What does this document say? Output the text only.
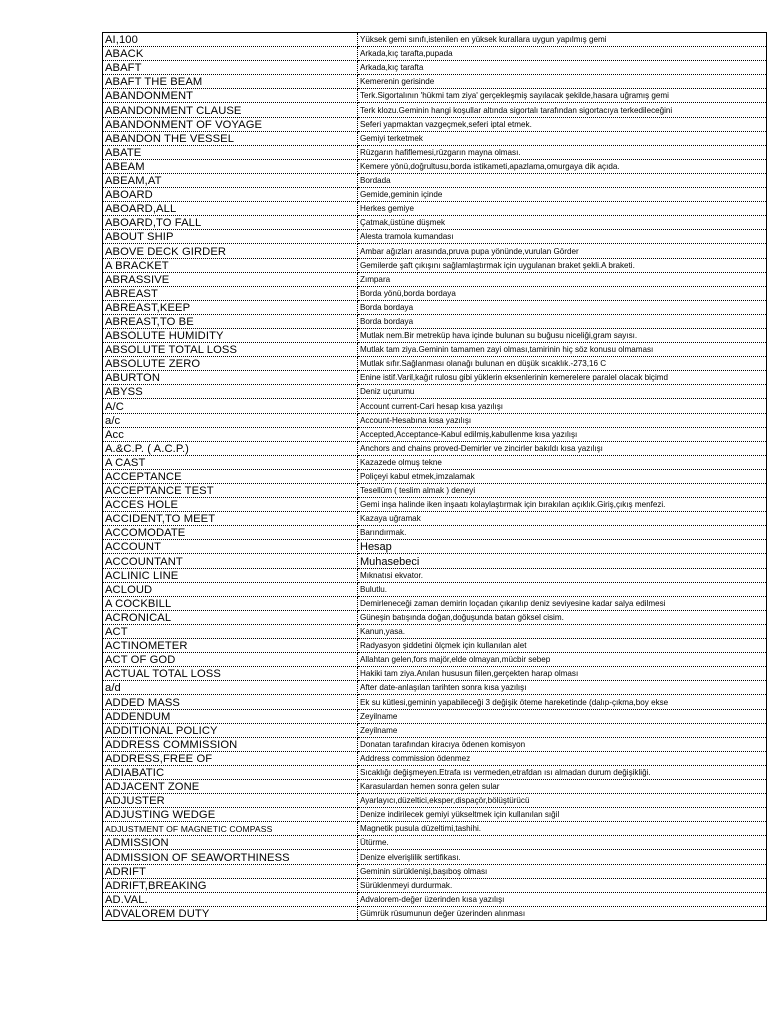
AI,100	Yüksek gemi sınıfı,istenilen en yüksek kurallara uygun yapılmış gemi
ABACK	Arkada,kıç tarafta,pupada
ABAFT	Arkada,kıç tarafta
ABAFT THE BEAM	Kemerenin gerisinde
ABANDONMENT	Terk.Sigortalının 'hükmi tam ziya' gerçekleşmiş sayılacak şekilde,hasara uğramış gemi
ABANDONMENT CLAUSE	Terk klozu.Geminin hangi koşullar altında sigortalı tarafından sigortacıya terkedileceğini
ABANDONMENT OF VOYAGE	Seferi yapmaktan vazgeçmek,seferi iptal etmek.
ABANDON THE VESSEL	Gemiyi terketmek
ABATE	Rüzgarın hafiflemesi,rüzgarın mayna olması.
ABEAM	Kemere yönü,doğrultusu,borda istikameti,apazlama,omurgaya dik açıda.
ABEAM,AT	Bordada
ABOARD	Gemide,geminin içinde
ABOARD,ALL	Herkes gemiye
ABOARD,TO FALL	Çatmak,üstüne düşmek
ABOUT SHIP	Alesta tramola kumandası
ABOVE DECK GIRDER	Ambar ağızları arasında,pruva pupa yönünde,vurulan Görder
A BRACKET	Gemilerde şaft çıkışını sağlamlaştırmak için uygulanan braket şekli.A braketi.
ABRASSIVE	Zımpara
ABREAST	Borda yönü,borda bordaya
ABREAST,KEEP	Borda bordaya
ABREAST,TO BE	Borda bordaya
ABSOLUTE HUMIDITY	Mutlak nem.Bir metreküp hava içinde bulunan su buğusu niceliği,gram sayısı.
ABSOLUTE TOTAL LOSS	Mutlak tam ziya.Geminin tamamen zayi olması,tamirinin hiç söz konusu olmaması
ABSOLUTE ZERO	Mutlak sıfır.Sağlanması olanağı bulunan en düşük sıcaklık.-273,16 C
ABURTON	Enine istif.Varil,kağıt rulosu gibi yüklerin eksenlerinin kemerelere paralel olacak biçimd
ABYSS	Deniz uçurumu
A/C	Account current-Cari hesap kısa yazılışı
a/c	Account-Hesabına kısa yazılışı
Acc	Accepted,Acceptance-Kabul edilmiş,kabullenme kısa yazılışı
A.&C.P. ( A.C.P.)	Anchors and chains proved-Demirler ve zincirler bakıldı kısa yazılışı
A CAST	Kazazede olmuş tekne
ACCEPTANCE	Poliçeyi kabul etmek,imzalamak
ACCEPTANCE TEST	Tesellüm ( teslim almak ) deneyi
ACCES HOLE	Gemi inşa halinde iken inşaatı kolaylaştırmak için bırakılan açıklık.Giriş,çıkış menfezi.
ACCIDENT,TO MEET	Kazaya uğramak
ACCOMODATE	Barındırmak.
ACCOUNT	Hesap
ACCOUNTANT	Muhasebeci
ACLINIC LINE	Mıknatısi ekvator.
ACLOUD	Bulutlu.
A COCKBILL	Demirleneceği zaman demirin loçadan çıkarılıp deniz seviyesine kadar salya edilmesi
ACRONICAL	Güneşin batışında doğan,doğuşunda batan göksel cisim.
ACT	Kanun,yasa.
ACTINOMETER	Radyasyon şiddetini ölçmek için kullanılan alet
ACT OF GOD	Allahtan gelen,fors majör,elde olmayan,mücbir sebep
ACTUAL TOTAL LOSS	Hakiki tam ziya.Anılan hususun fiilen,gerçekten harap olması
a/d	After date-anlaşılan tarihten sonra kısa yazılışı
ADDED MASS	Ek su kütlesi,geminin yapabileceği 3 değişik öteme hareketinde (dalıp-çıkma,boy ekse
ADDENDUM	Zeyilname
ADDITIONAL POLICY	Zeyilname
ADDRESS COMMISSION	Donatan tarafından kiracıya ödenen komisyon
ADDRESS,FREE OF	Address commission ödenmez
ADIABATIC	Sıcaklığı değişmeyen.Etrafa ısı vermeden,etrafdan ısı almadan durum değişikliği.
ADJACENT ZONE	Karasulardan hemen sonra gelen sular
ADJUSTER	Ayarlayıcı,düzeltici,eksper,dispaçör,bölüştürücü
ADJUSTING WEDGE	Denize indirilecek gemiyi yükseltmek için kullanılan sığil
ADJUSTMENT OF MAGNETIC COMPASS	Magnetik pusula düzeltimi,tashihi.
ADMISSION	Ütürme.
ADMISSION OF SEAWORTHINESS	Denize elverişlilik sertifikası.
ADRIFT	Geminin sürüklenişi,başıboş olması
ADRIFT,BREAKING	Sürüklenmeyi durdurmak.
AD.VAL.	Advalorem-değer üzerinden kısa yazılışı
ADVALOREM DUTY	Gümrük rüsumunun değer üzerinden alınması
